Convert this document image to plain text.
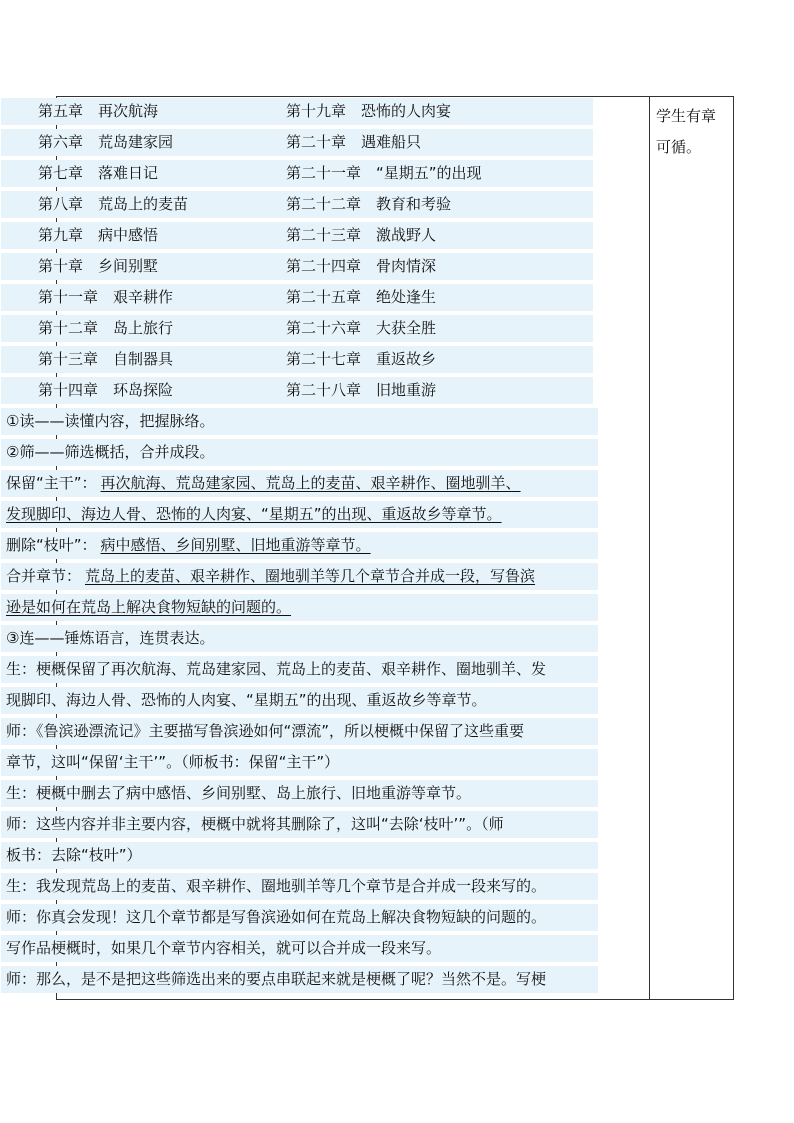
学生有章可循。
第五章　再次航海	第十九章　恐怖的人肉宴
第六章　荒岛建家园	第二十章　遇难船只
第七章　落难日记	第二十一章　“星期五”的出现
第八章　荒岛上的麦苗	第二十二章　教育和考验
第九章　病中感悟	第二十三章　激战野人
第十章　乡间别墅	第二十四章　骨肉情深
第十一章　艰辛耕作	第二十五章　绝处逢生
第十二章　岛上旅行	第二十六章　大获全胜
第十三章　自制器具	第二十七章　重返故乡
第十四章　环岛探险	第二十八章　旧地重游
①读——读懂内容，把握脉络。
②筛——筛选概括，合并成段。
保留“主干”： 再次航海、荒岛建家园、荒岛上的麦苗、艰辛耕作、圈地驯羊、
发现脚印、海边人骨、恐怖的人肉宴、“星期五”的出现、重返故乡等章节。
删除“枝叶”： 病中感悟、乡间别墅、旧地重游等章节。
合并章节： 荒岛上的麦苗、艰辛耕作、圈地驯羊等几个章节合并成一段，写鲁滨
逊是如何在荒岛上解决食物短缺的问题的。
③连——锤炼语言，连贯表达。
生：梗概保留了再次航海、荒岛建家园、荒岛上的麦苗、艰辛耕作、圈地驯羊、发
现脚印、海边人骨、恐怖的人肉宴、“星期五”的出现、重返故乡等章节。
师：《鲁滨逊漂流记》主要描写鲁滨逊如何“漂流”，所以梗概中保留了这些重要
章节，这叫“保留‘主干’”。（师板书：保留“主干”）
生：梗概中删去了病中感悟、乡间别墅、岛上旅行、旧地重游等章节。
师：这些内容并非主要内容，梗概中就将其删除了，这叫“去除‘枝叶’”。（师
板书：去除“枝叶”）
生：我发现荒岛上的麦苗、艰辛耕作、圈地驯羊等几个章节是合并成一段来写的。
师：你真会发现！这几个章节都是写鲁滨逊如何在荒岛上解决食物短缺的问题的。
写作品梗概时，如果几个章节内容相关，就可以合并成一段来写。
师：那么，是不是把这些筛选出来的要点串联起来就是梗概了呢？当然不是。写梗
